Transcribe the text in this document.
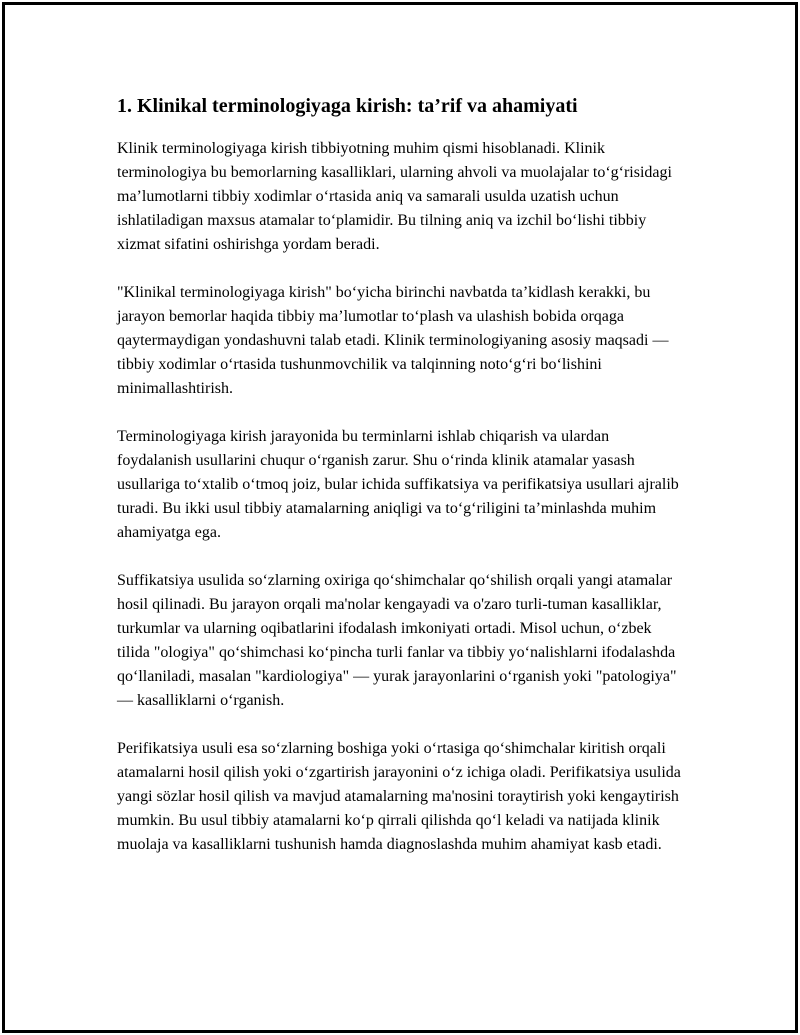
1. Klinikal terminologiyaga kirish: ta’rif va ahamiyati

Klinik terminologiyaga kirish tibbiyotning muhim qismi hisoblanadi. Klinik terminologiya bu bemorlarning kasalliklari, ularning ahvoli va muolajalar to‘g‘risidagi ma’lumotlarni tibbiy xodimlar o‘rtasida aniq va samarali usulda uzatish uchun ishlatiladigan maxsus atamalar to‘plamidir. Bu tilning aniq va izchil bo‘lishi tibbiy xizmat sifatini oshirishga yordam beradi.

"Klinikal terminologiyaga kirish" bo‘yicha birinchi navbatda ta’kidlash kerakki, bu jarayon bemorlar haqida tibbiy ma’lumotlar to‘plash va ulashish bobida orqaga qaytermaydigan yondashuvni talab etadi. Klinik terminologiyaning asosiy maqsadi — tibbiy xodimlar o‘rtasida tushunmovchilik va talqinning noto‘g‘ri bo‘lishini minimallashtirish.

Terminologiyaga kirish jarayonida bu terminlarni ishlab chiqarish va ulardan foydalanish usullarini chuqur o‘rganish zarur. Shu o‘rinda klinik atamalar yasash usullariga to‘xtalib o‘tmoq joiz, bular ichida suffikatsiya va perifikatsiya usullari ajralib turadi. Bu ikki usul tibbiy atamalarning aniqligi va to‘g‘riligini ta’minlashda muhim ahamiyatga ega.

Suffikatsiya usulida so‘zlarning oxiriga qo‘shimchalar qo‘shilish orqali yangi atamalar hosil qilinadi. Bu jarayon orqali ma'nolar kengayadi va o'zaro turli-tuman kasalliklar, turkumlar va ularning oqibatlarini ifodalash imkoniyati ortadi. Misol uchun, o‘zbek tilida "ologiya" qo‘shimchasi ko‘pincha turli fanlar va tibbiy yo‘nalishlarni ifodalashda qo‘llaniladi, masalan "kardiologiya" — yurak jarayonlarini o‘rganish yoki "patologiya" — kasalliklarni o‘rganish.

Perifikatsiya usuli esa so‘zlarning boshiga yoki o‘rtasiga qo‘shimchalar kiritish orqali atamalarni hosil qilish yoki o‘zgartirish jarayonini o‘z ichiga oladi. Perifikatsiya usulida yangi sözlar hosil qilish va mavjud atamalarning ma'nosini toraytirish yoki kengaytirish mumkin. Bu usul tibbiy atamalarni ko‘p qirrali qilishda qo‘l keladi va natijada klinik muolaja va kasalliklarni tushunish hamda diagnoslashda muhim ahamiyat kasb etadi.
